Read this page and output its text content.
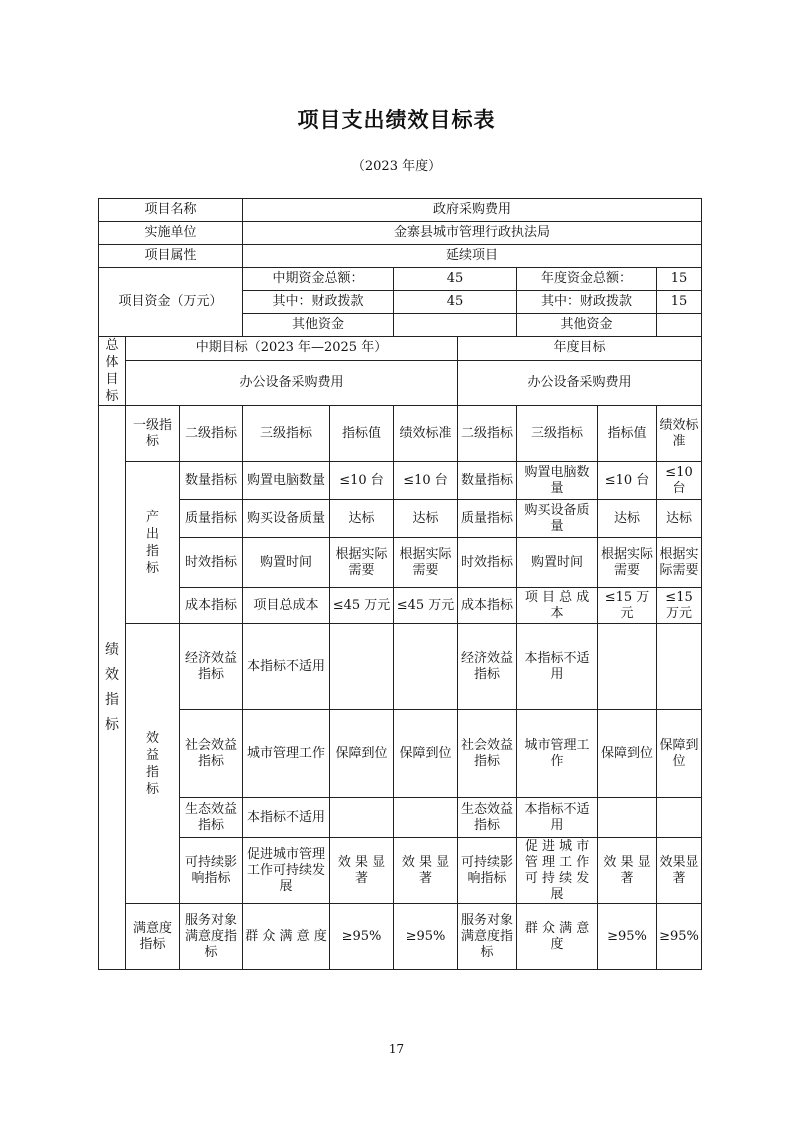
项目支出绩效目标表
（2023 年度）
项目名称			政府采购费用						
实施单位			金寨县城市管理行政执法局						
项目属性			延续项目						
项目资金（万元）			中期资金总额：		45		年度资金总额：		15
			其中：财政拨款		45		其中：财政拨款		15
			其他资金				其他资金		
总体目标	中期目标（2023 年—2025 年）					年度目标			
	办公设备采购费用					办公设备采购费用			
绩效指标	一级指标	二级指标	三级指标	指标值	绩效标准	二级指标	三级指标	指标值	绩效标准
	产出指标	数量指标	购置电脑数量	≤10 台	≤10 台	数量指标	购置电脑数量	≤10 台	≤10台
		质量指标	购买设备质量	达标	达标	质量指标	购买设备质量	达标	达标
		时效指标	购置时间	根据实际需要	根据实际需要	时效指标	购置时间	根据实际需要	根据实际需要
		成本指标	项目总成本	≤45 万元	≤45 万元	成本指标	项 目 总 成本	≤15 万元	≤15万元
	效益指标	经济效益指标	本指标不适用			经济效益指标	本指标不适用		
		社会效益指标	城市管理工作	保障到位	保障到位	社会效益指标	城市管理工作	保障到位	保障到位
		生态效益指标	本指标不适用			生态效益指标	本指标不适用		
		可持续影响指标	促进城市管理工作可持续发展	效 果 显 著	效 果 显 著	可持续影响指标	促 进 城 市 管 理 工 作 可 持 续 发 展	效 果 显 著	效果显著
	满意度指标	服务对象满意度指标	群 众 满 意 度	≥95%	≥95%	服务对象满意度指标	群 众 满 意 度	≥95%	≥95%
17
